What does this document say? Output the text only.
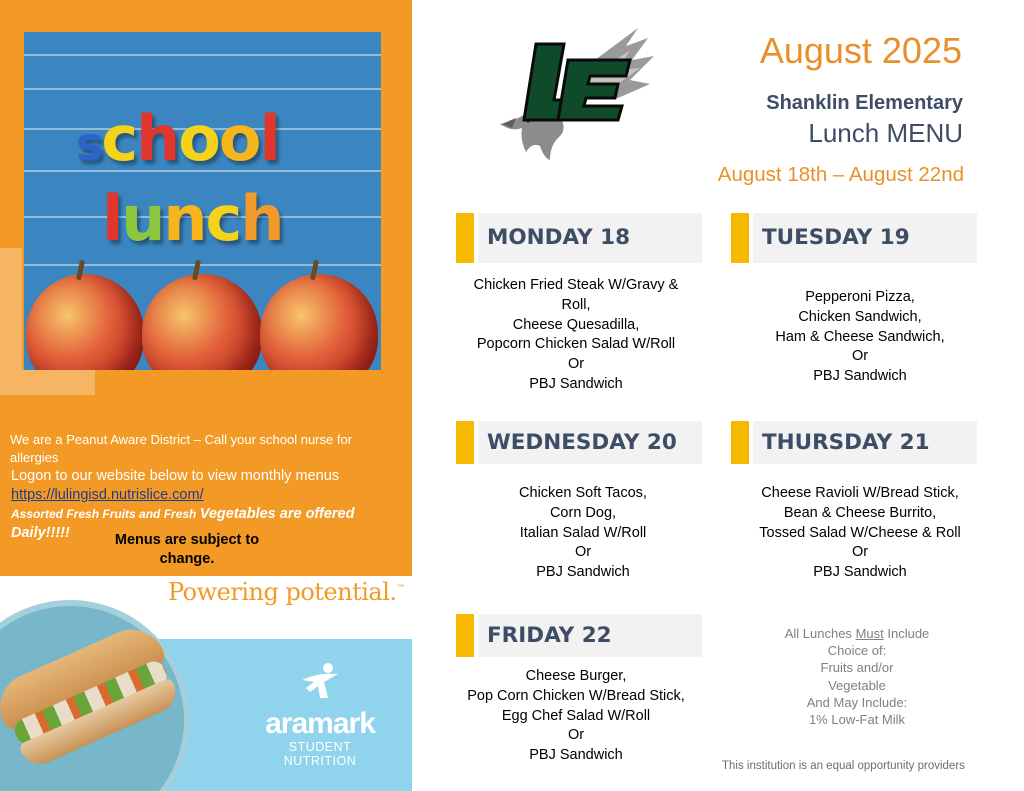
school
lunch
We are a Peanut Aware District – Call your school nurse for allergies
Logon to our website below to view monthly menus
https://lulingisd.nutrislice.com/
Assorted Fresh Fruits and Fresh Vegetables are offered Daily!!!!!	Menus are subject to change.
Powering potential.™
aramark
STUDENT
NUTRITION
August 2025
Shanklin Elementary
Lunch MENU
August 18th – August 22nd
MONDAY 18	TUESDAY 19
WEDNESDAY 20	THURSDAY 21
FRIDAY 22
Chicken Fried Steak W/Gravy &
Roll,
Cheese Quesadilla,
Popcorn Chicken Salad W/Roll
Or
PBJ Sandwich
Pepperoni Pizza,
Chicken Sandwich,
Ham & Cheese Sandwich,
Or
PBJ Sandwich
Chicken Soft Tacos,
Corn Dog,
Italian Salad W/Roll
Or
PBJ Sandwich
Cheese Ravioli W/Bread Stick,
Bean & Cheese Burrito,
Tossed Salad W/Cheese & Roll
Or
PBJ Sandwich
Cheese Burger,
Pop Corn Chicken W/Bread Stick,
Egg Chef Salad W/Roll
Or
PBJ Sandwich
All Lunches Must Include
Choice of:
Fruits and/or
Vegetable
And May Include:
1% Low-Fat Milk
This institution is an equal opportunity providers
